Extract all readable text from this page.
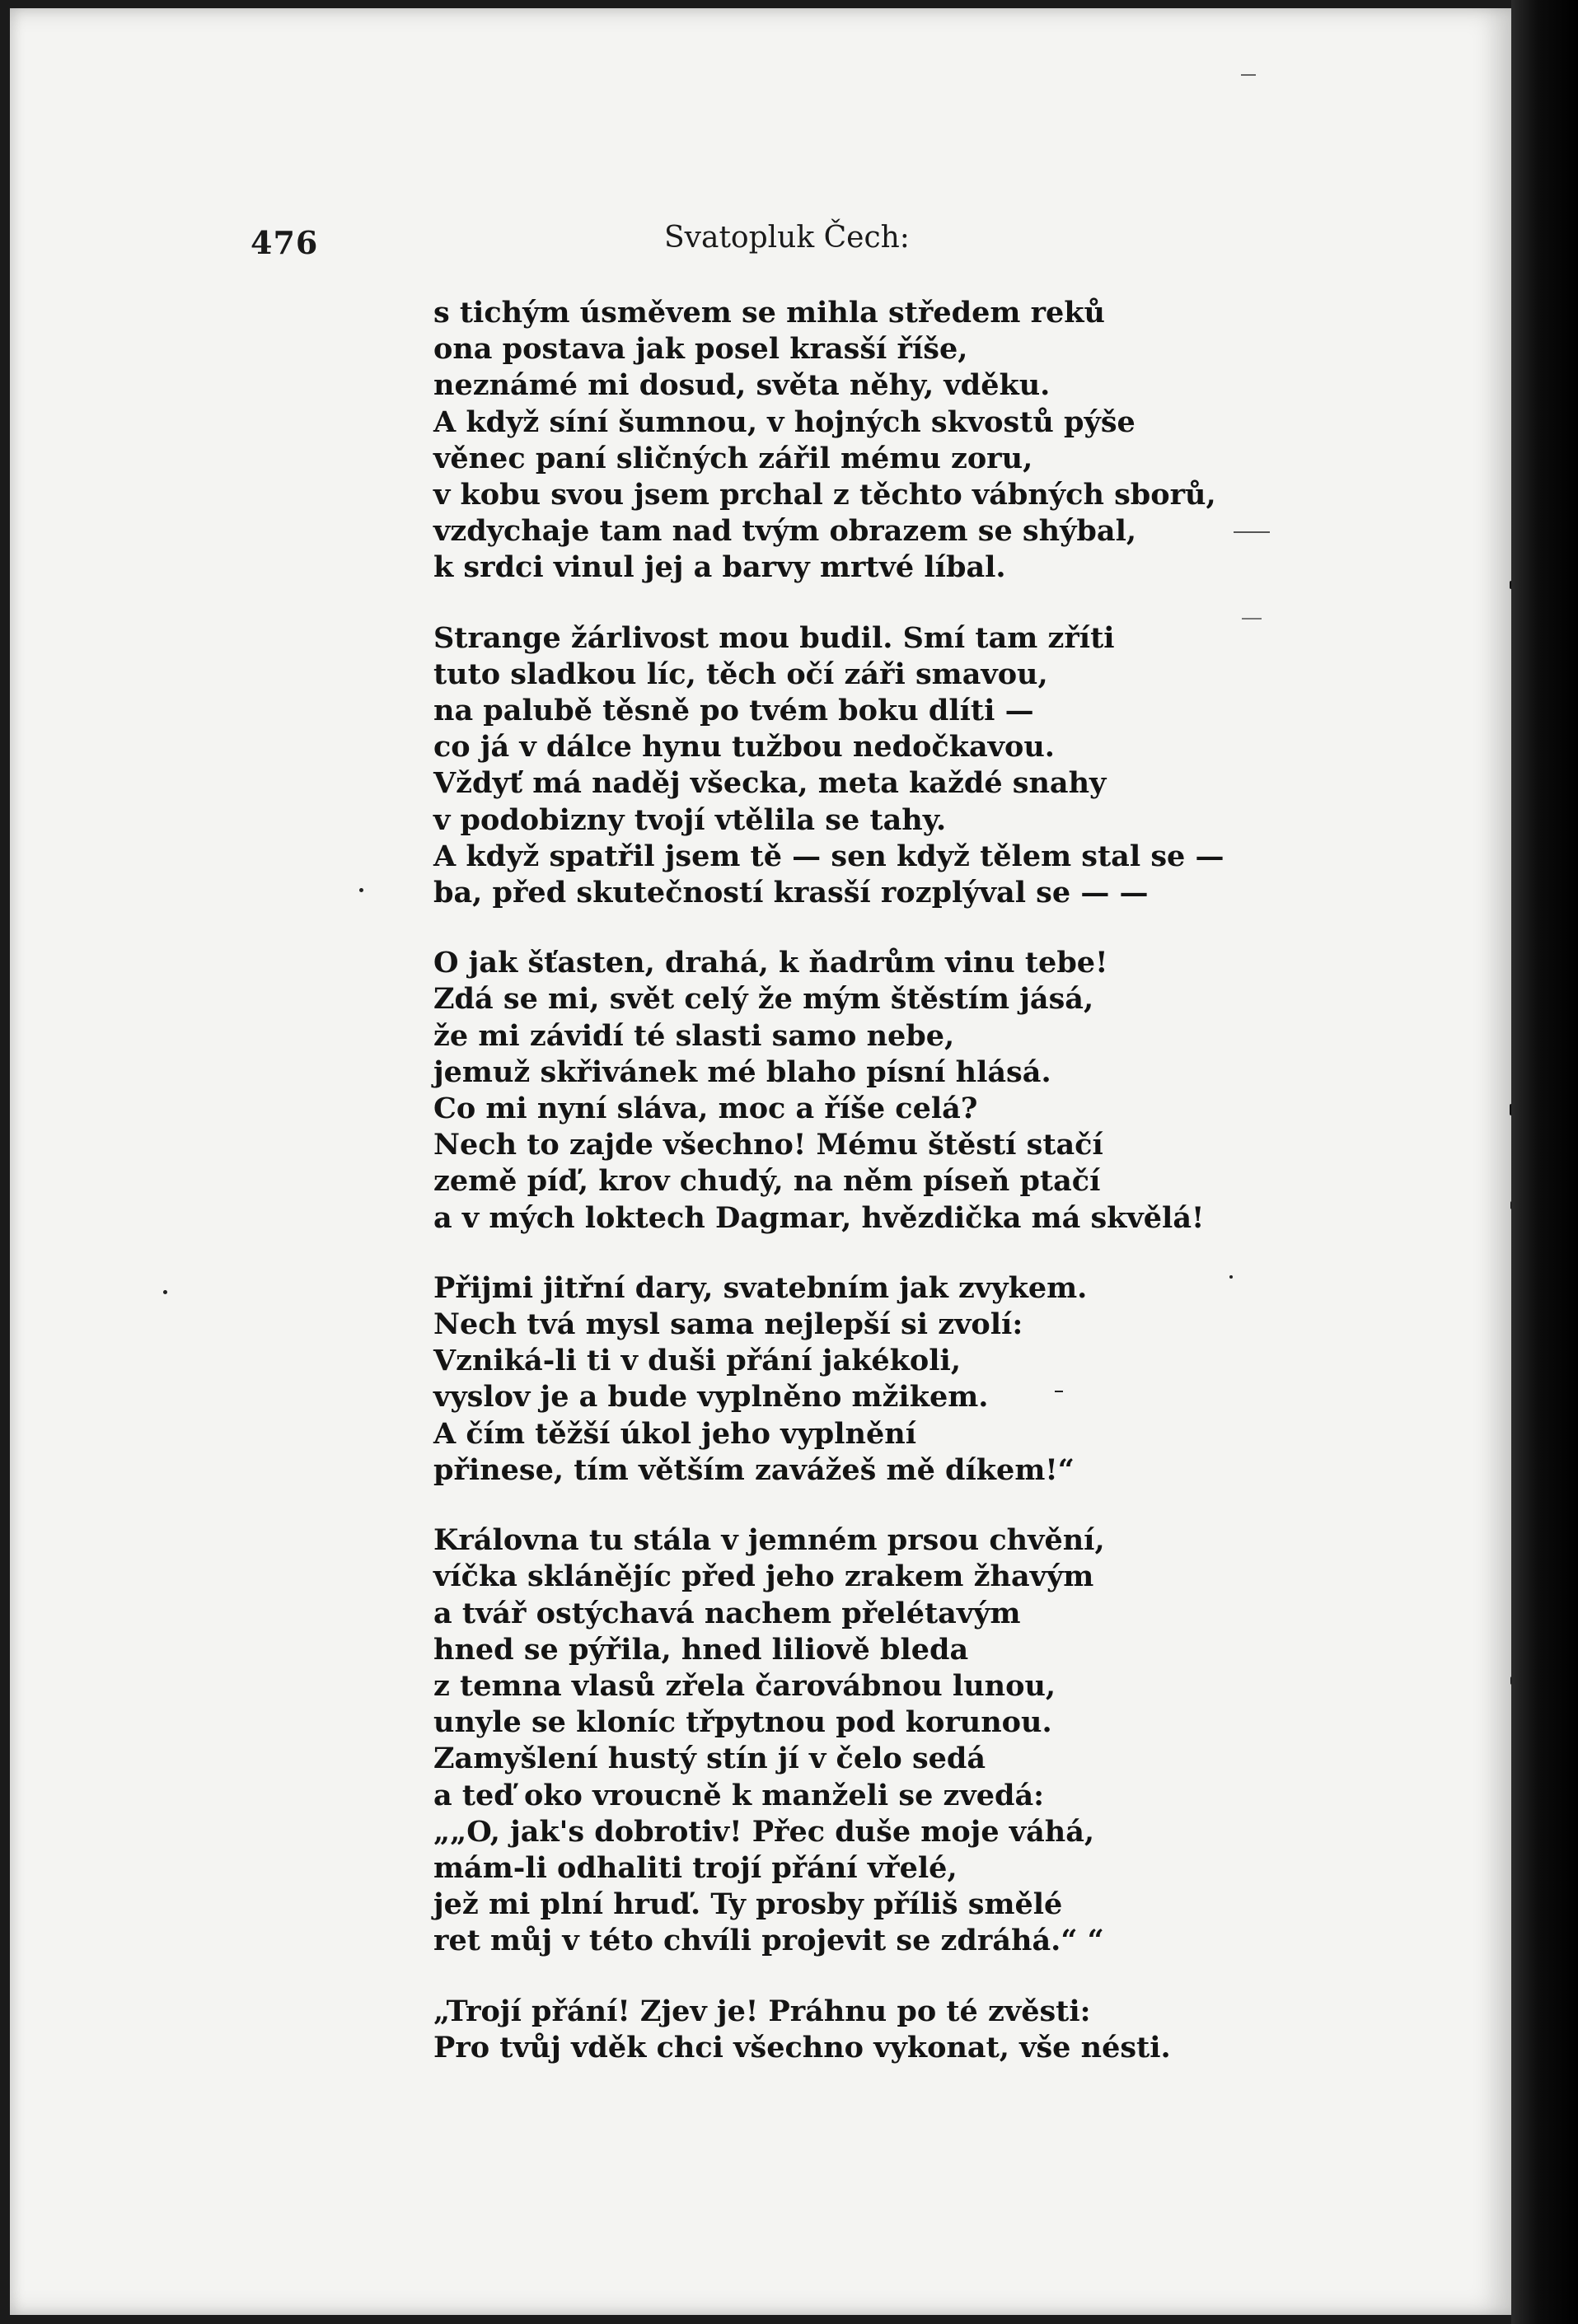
476	Svatopluk Čech:
s tichým úsměvem se mihla středem reků
ona postava jak posel krasší říše,
neznámé mi dosud, světa něhy, vděku.
A když síní šumnou, v hojných skvostů pýše
věnec paní sličných zářil mému zoru,
v kobu svou jsem prchal z těchto vábných sborů,
vzdychaje tam nad tvým obrazem se shýbal,
k srdci vinul jej a barvy mrtvé líbal.
Strange žárlivost mou budil. Smí tam zříti
tuto sladkou líc, těch očí záři smavou,
na palubě těsně po tvém boku dlíti —
co já v dálce hynu tužbou nedočkavou.
Vždyť má naděj všecka, meta každé snahy
v podobizny tvojí vtělila se tahy.
A když spatřil jsem tě — sen když tělem stal se —
ba, před skutečností krasší rozplýval se — —
O jak šťasten, drahá, k ňadrům vinu tebe!
Zdá se mi, svět celý že mým štěstím jásá,
že mi závidí té slasti samo nebe,
jemuž skřivánek mé blaho písní hlásá.
Co mi nyní sláva, moc a říše celá?
Nech to zajde všechno! Mému štěstí stačí
země píď, krov chudý, na něm píseň ptačí
a v mých loktech Dagmar, hvězdička má skvělá!
Přijmi jitřní dary, svatebním jak zvykem.
Nech tvá mysl sama nejlepší si zvolí:
Vzniká-li ti v duši přání jakékoli,
vyslov je a bude vyplněno mžikem.
A čím těžší úkol jeho vyplnění
přinese, tím větším zavážeš mě díkem!“
Královna tu stála v jemném prsou chvění,
víčka sklánějíc před jeho zrakem žhavým
a tvář ostýchavá nachem přelétavým
hned se pýřila, hned liliově bleda
z temna vlasů zřela čarovábnou lunou,
unyle se kloníc třpytnou pod korunou.
Zamyšlení hustý stín jí v čelo sedá
a teď oko vroucně k manželi se zvedá:
„„O, jak's dobrotiv! Přec duše moje váhá,
mám-li odhaliti trojí přání vřelé,
jež mi plní hruď. Ty prosby příliš smělé
ret můj v této chvíli projevit se zdráhá.“ “
„Trojí přání! Zjev je! Práhnu po té zvěsti:
Pro tvůj vděk chci všechno vykonat, vše nésti.
